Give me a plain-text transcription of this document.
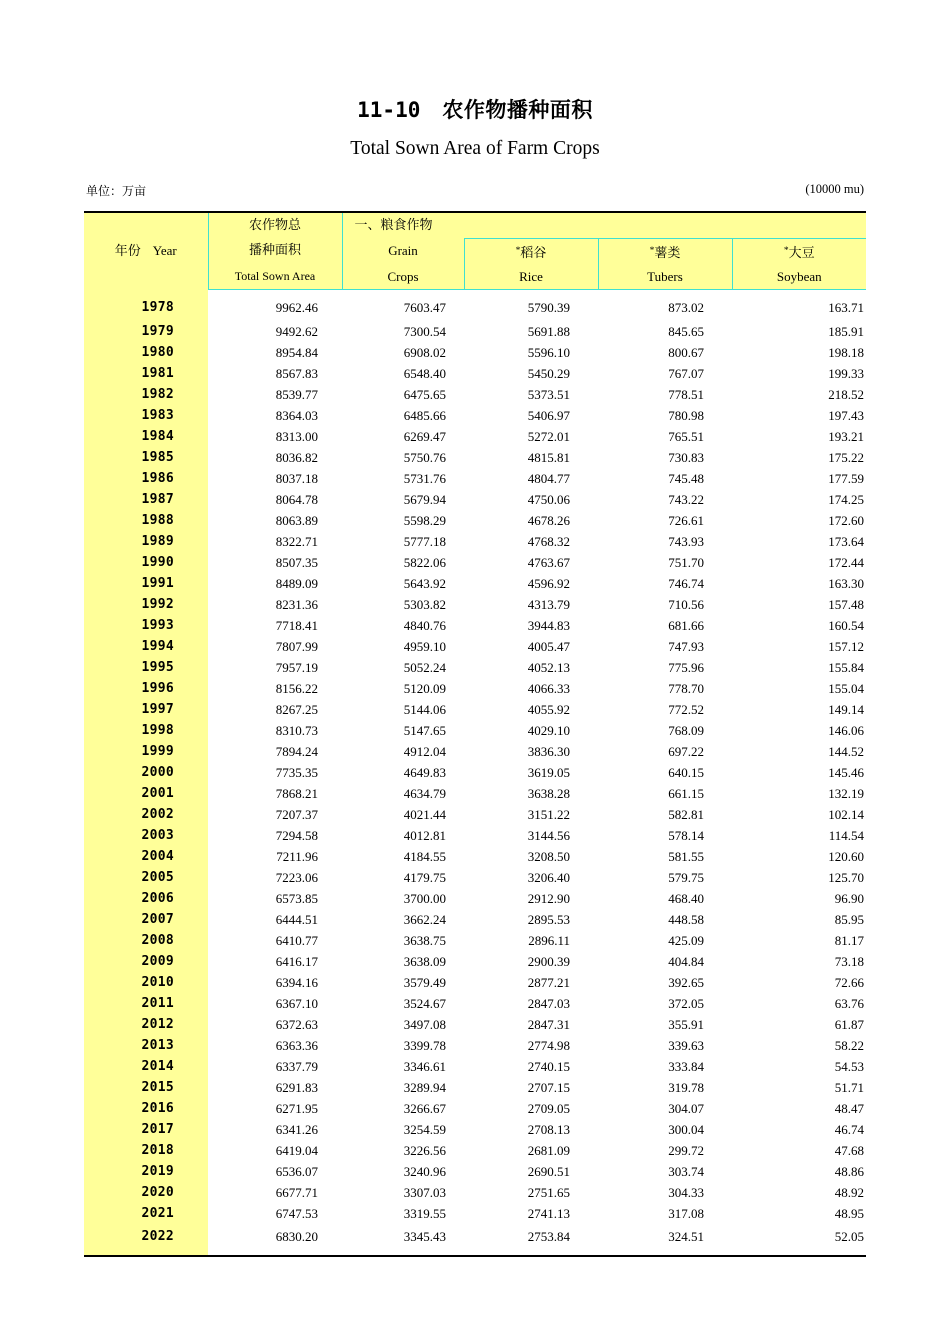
11-10 农作物播种面积
Total Sown Area of Farm Crops
单位：万亩	(10000 mu)
年份 Year	农作物总	一、粮食作物			

	播种面积	Grain	*稻谷	*薯类	*大豆

	Total Sown Area	Crops	Rice	Tubers	Soybean

1978	9962.46	7603.47	5790.39	873.02	163.71
1979	9492.62	7300.54	5691.88	845.65	185.91
1980	8954.84	6908.02	5596.10	800.67	198.18
1981	8567.83	6548.40	5450.29	767.07	199.33
1982	8539.77	6475.65	5373.51	778.51	218.52
1983	8364.03	6485.66	5406.97	780.98	197.43
1984	8313.00	6269.47	5272.01	765.51	193.21
1985	8036.82	5750.76	4815.81	730.83	175.22
1986	8037.18	5731.76	4804.77	745.48	177.59
1987	8064.78	5679.94	4750.06	743.22	174.25
1988	8063.89	5598.29	4678.26	726.61	172.60
1989	8322.71	5777.18	4768.32	743.93	173.64
1990	8507.35	5822.06	4763.67	751.70	172.44
1991	8489.09	5643.92	4596.92	746.74	163.30
1992	8231.36	5303.82	4313.79	710.56	157.48
1993	7718.41	4840.76	3944.83	681.66	160.54
1994	7807.99	4959.10	4005.47	747.93	157.12
1995	7957.19	5052.24	4052.13	775.96	155.84
1996	8156.22	5120.09	4066.33	778.70	155.04
1997	8267.25	5144.06	4055.92	772.52	149.14
1998	8310.73	5147.65	4029.10	768.09	146.06
1999	7894.24	4912.04	3836.30	697.22	144.52
2000	7735.35	4649.83	3619.05	640.15	145.46
2001	7868.21	4634.79	3638.28	661.15	132.19
2002	7207.37	4021.44	3151.22	582.81	102.14
2003	7294.58	4012.81	3144.56	578.14	114.54
2004	7211.96	4184.55	3208.50	581.55	120.60
2005	7223.06	4179.75	3206.40	579.75	125.70
2006	6573.85	3700.00	2912.90	468.40	96.90
2007	6444.51	3662.24	2895.53	448.58	85.95
2008	6410.77	3638.75	2896.11	425.09	81.17
2009	6416.17	3638.09	2900.39	404.84	73.18
2010	6394.16	3579.49	2877.21	392.65	72.66
2011	6367.10	3524.67	2847.03	372.05	63.76
2012	6372.63	3497.08	2847.31	355.91	61.87
2013	6363.36	3399.78	2774.98	339.63	58.22
2014	6337.79	3346.61	2740.15	333.84	54.53
2015	6291.83	3289.94	2707.15	319.78	51.71
2016	6271.95	3266.67	2709.05	304.07	48.47
2017	6341.26	3254.59	2708.13	300.04	46.74
2018	6419.04	3226.56	2681.09	299.72	47.68
2019	6536.07	3240.96	2690.51	303.74	48.86
2020	6677.71	3307.03	2751.65	304.33	48.92
2021	6747.53	3319.55	2741.13	317.08	48.95
2022	6830.20	3345.43	2753.84	324.51	52.05
